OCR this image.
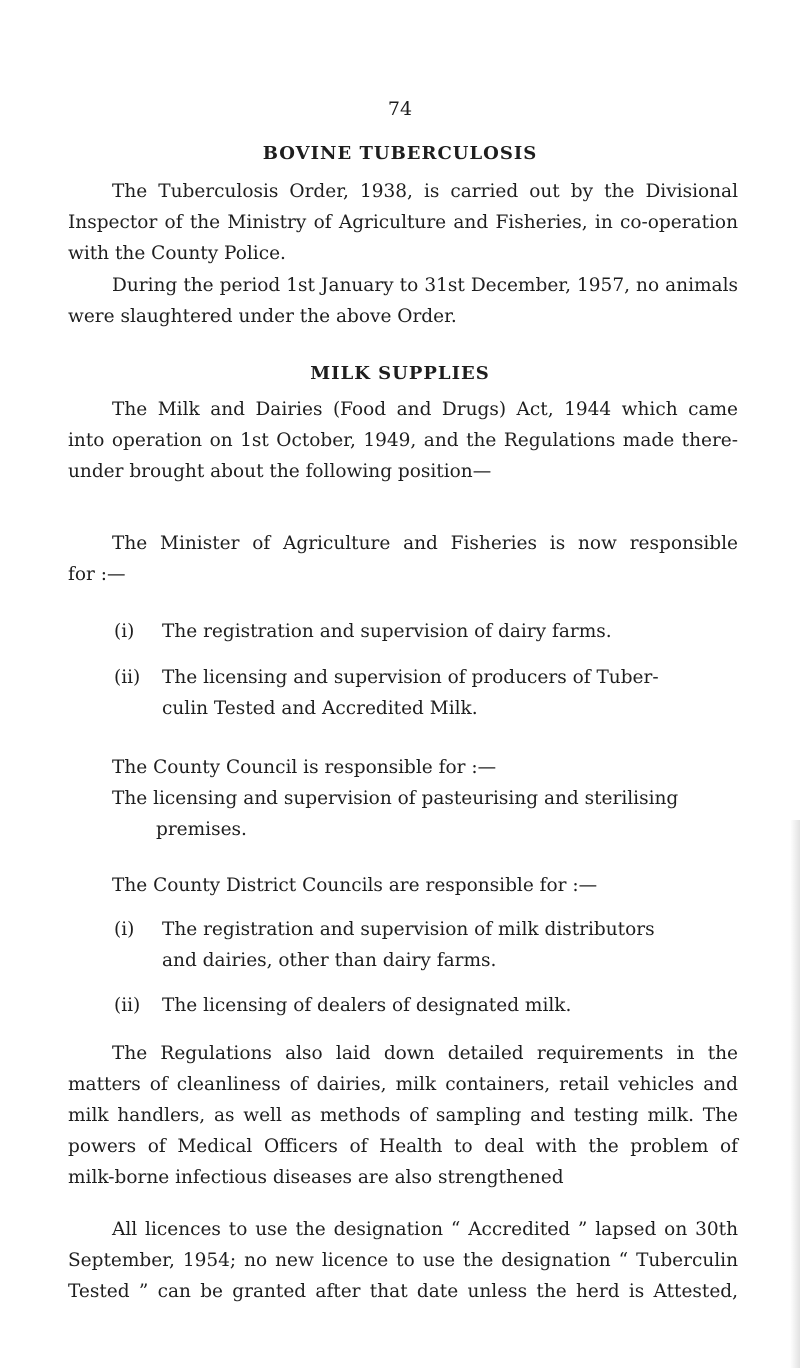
74
BOVINE TUBERCULOSIS
The Tuberculosis Order, 1938, is carried out by the Divisional
Inspector of the Ministry of Agriculture and Fisheries, in co-operation
with the County Police.
During the period 1st January to 31st December, 1957, no animals
were slaughtered under the above Order.
MILK SUPPLIES
The Milk and Dairies (Food and Drugs) Act, 1944 which came
into operation on 1st October, 1949, and the Regulations made there-
under brought about the following position—
The Minister of Agriculture and Fisheries is now responsible
for :—
(i) The registration and supervision of dairy farms.
(ii) The licensing and supervision of producers of Tuber-
culin Tested and Accredited Milk.
The County Council is responsible for :—
The licensing and supervision of pasteurising and sterilising
premises.
The County District Councils are responsible for :—
(i) The registration and supervision of milk distributors
and dairies, other than dairy farms.
(ii) The licensing of dealers of designated milk.
The Regulations also laid down detailed requirements in the
matters of cleanliness of dairies, milk containers, retail vehicles and
milk handlers, as well as methods of sampling and testing milk. The
powers of Medical Officers of Health to deal with the problem of
milk-borne infectious diseases are also strengthened
All licences to use the designation “ Accredited ” lapsed on 30th
September, 1954; no new licence to use the designation “ Tuberculin
Tested ” can be granted after that date unless the herd is Attested,
